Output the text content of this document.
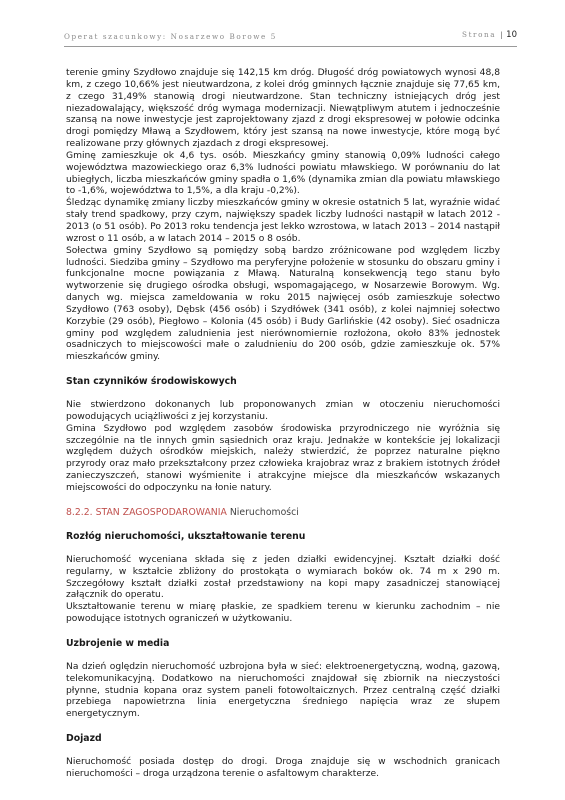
Operat szacunkowy: Nosarzewo Borowe 5	Strona | 10

terenie gminy Szydłowo znajduje się 142,15 km dróg. Długość dróg powiatowych wynosi 48,8 km, z czego 10,66% jest nieutwardzona, z kolei dróg gminnych łącznie znajduje się 77,65 km, z czego 31,49% stanowią drogi nieutwardzone. Stan techniczny istniejących dróg jest niezadowalający, większość dróg wymaga modernizacji. Niewątpliwym atutem i jednocześnie szansą na nowe inwestycje jest zaprojektowany zjazd z drogi ekspresowej w połowie odcinka drogi pomiędzy Mławą a Szydłowem, który jest szansą na nowe inwestycje, które mogą być realizowane przy głównych zjazdach z drogi ekspresowej.

Gminę zamieszkuje ok 4,6 tys. osób. Mieszkańcy gminy stanowią 0,09% ludności całego województwa mazowieckiego oraz 6,3% ludności powiatu mławskiego. W porównaniu do lat ubiegłych, liczba mieszkańców gminy spadła o 1,6% (dynamika zmian dla powiatu mławskiego to -1,6%, województwa to 1,5%, a dla kraju -0,2%).

Śledząc dynamikę zmiany liczby mieszkańców gminy w okresie ostatnich 5 lat, wyraźnie widać stały trend spadkowy, przy czym, największy spadek liczby ludności nastąpił w latach 2012 - 2013 (o 51 osób). Po 2013 roku tendencja jest lekko wzrostowa, w latach 2013 – 2014 nastąpił wzrost o 11 osób, a w latach 2014 – 2015 o 8 osób.

Sołectwa gminy Szydłowo są pomiędzy sobą bardzo zróżnicowane pod względem liczby ludności. Siedziba gminy – Szydłowo ma peryferyjne położenie w stosunku do obszaru gminy i funkcjonalne mocne powiązania z Mławą. Naturalną konsekwencją tego stanu było wytworzenie się drugiego ośrodka obsługi, wspomagającego, w Nosarzewie Borowym. Wg. danych wg. miejsca zameldowania w roku 2015 najwięcej osób zamieszkuje sołectwo Szydłowo (763 osoby), Dębsk (456 osób) i Szydłówek (341 osób), z kolei najmniej sołectwo Korzybie (29 osób), Piegłowo – Kolonia (45 osób) i Budy Garlińskie (42 osoby). Sieć osadnicza gminy pod względem zaludnienia jest nierównomiernie rozłożona, około 83% jednostek osadniczych to miejscowości małe o zaludnieniu do 200 osób, gdzie zamieszkuje ok. 57% mieszkańców gminy.

Stan czynników środowiskowych

Nie stwierdzono dokonanych lub proponowanych zmian w otoczeniu nieruchomości powodujących uciążliwości z jej korzystaniu.

Gmina Szydłowo pod względem zasobów środowiska przyrodniczego nie wyróżnia się szczególnie na tle innych gmin sąsiednich oraz kraju. Jednakże w kontekście jej lokalizacji względem dużych ośrodków miejskich, należy stwierdzić, że poprzez naturalne piękno przyrody oraz mało przekształcony przez człowieka krajobraz wraz z brakiem istotnych źródeł zanieczyszczeń, stanowi wyśmienite i atrakcyjne miejsce dla mieszkańców wskazanych miejscowości do odpoczynku na łonie natury.

8.2.2. STAN ZAGOSPODAROWANIA Nieruchomości

Rozłóg nieruchomości, ukształtowanie terenu

Nieruchomość wyceniana składa się z jeden działki ewidencyjnej. Kształt działki dość regularny, w kształcie zbliżony do prostokąta o wymiarach boków ok. 74 m x 290 m. Szczegółowy kształt działki został przedstawiony na kopi mapy zasadniczej stanowiącej załącznik do operatu.

Ukształtowanie terenu w miarę płaskie, ze spadkiem terenu w kierunku zachodnim – nie powodujące istotnych ograniczeń w użytkowaniu.

Uzbrojenie w media

Na dzień oględzin nieruchomość uzbrojona była w sieć: elektroenergetyczną, wodną, gazową, telekomunikacyjną. Dodatkowo na nieruchomości znajdował się zbiornik na nieczystości płynne, studnia kopana oraz system paneli fotowoltaicznych. Przez centralną część działki przebiega napowietrzna linia energetyczna średniego napięcia wraz ze słupem energetycznym.

Dojazd

Nieruchomość posiada dostęp do drogi. Droga znajduje się w wschodnich granicach nieruchomości – droga urządzona terenie o asfaltowym charakterze.
